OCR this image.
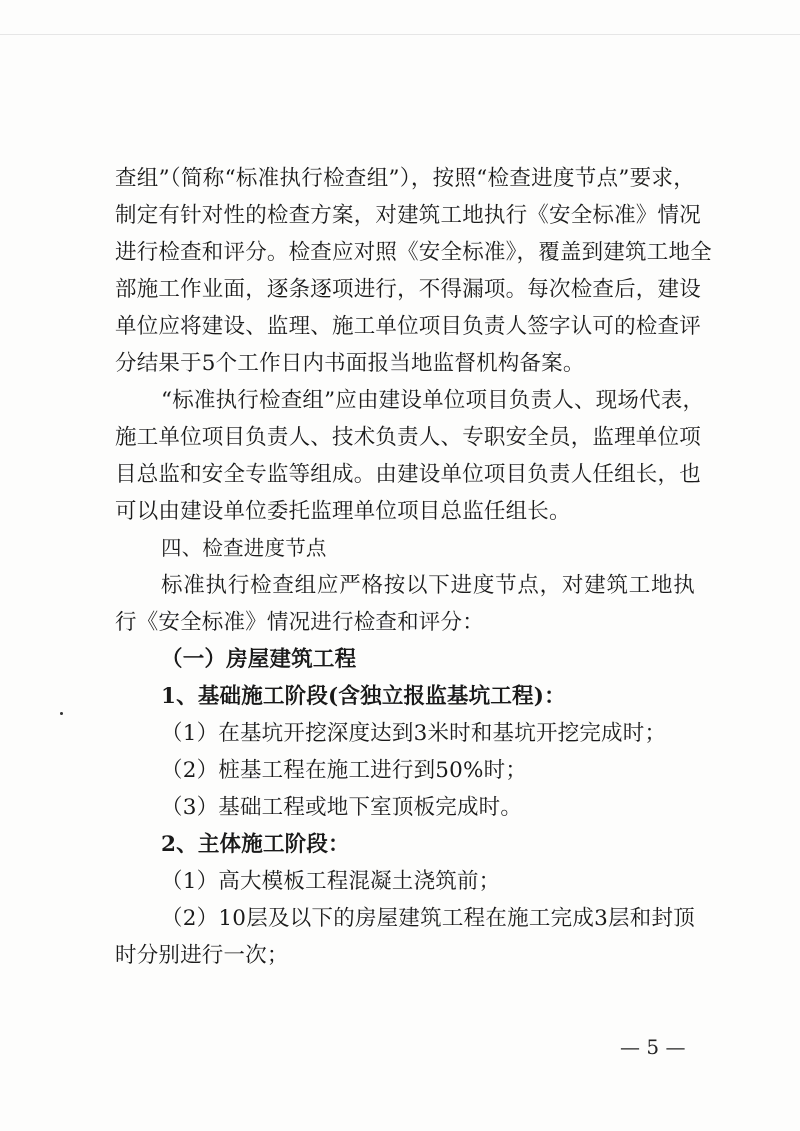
查组”（简称“标准执行检查组”），按照“检查进度节点”要求，
制定有针对性的检查方案，对建筑工地执行《安全标准》情况
进行检查和评分。检查应对照《安全标准》，覆盖到建筑工地全
部施工作业面，逐条逐项进行，不得漏项。每次检查后，建设
单位应将建设、监理、施工单位项目负责人签字认可的检查评
分结果于5个工作日内书面报当地监督机构备案。
“标准执行检查组”应由建设单位项目负责人、现场代表，
施工单位项目负责人、技术负责人、专职安全员，监理单位项
目总监和安全专监等组成。由建设单位项目负责人任组长，也
可以由建设单位委托监理单位项目总监任组长。
四、检查进度节点
标准执行检查组应严格按以下进度节点，对建筑工地执
行《安全标准》情况进行检查和评分：
（一）房屋建筑工程
1、基础施工阶段(含独立报监基坑工程)：
（1）在基坑开挖深度达到3米时和基坑开挖完成时；
（2）桩基工程在施工进行到50%时；
（3）基础工程或地下室顶板完成时。
2、主体施工阶段：
（1）高大模板工程混凝土浇筑前；
（2）10层及以下的房屋建筑工程在施工完成3层和封顶
时分别进行一次；
— 5 —
